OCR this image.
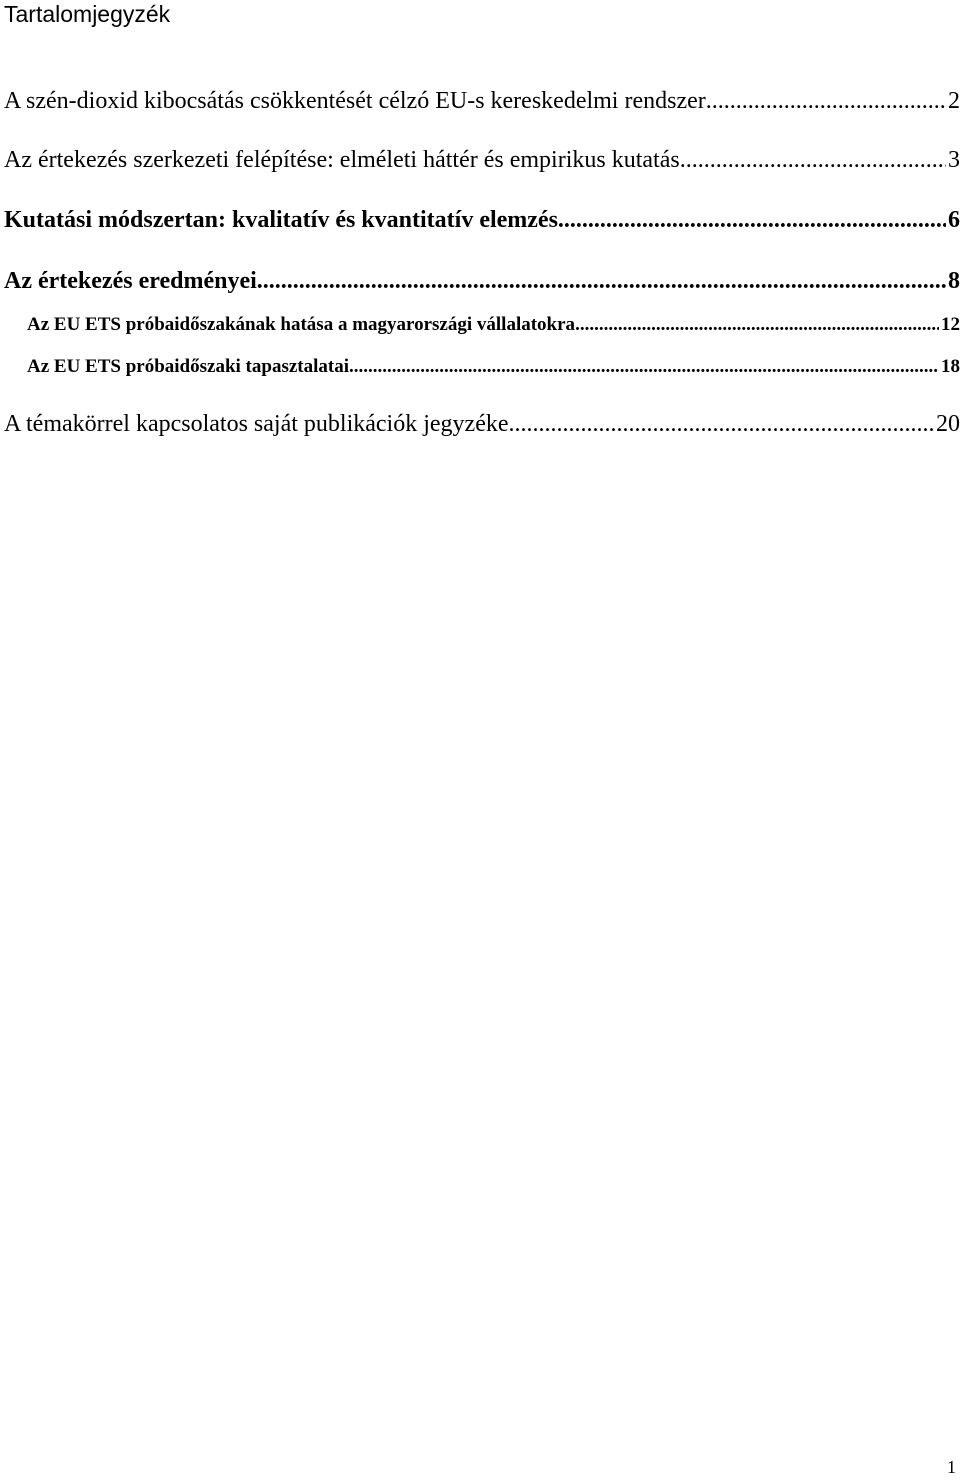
Tartalomjegyzék
A szén-dioxid kibocsátás csökkentését célzó EU-s kereskedelmi rendszer .....	2
Az értekezés szerkezeti felépítése: elméleti háttér és empirikus kutatás .....	3
Kutatási módszertan: kvalitatív és kvantitatív elemzés .....	6
Az értekezés eredményei .....	8
Az EU ETS próbaidőszakának hatása a magyarországi vállalatokra .....	12
Az EU ETS próbaidőszaki tapasztalatai .....	18
A témakörrel kapcsolatos saját publikációk jegyzéke .....	20
1
